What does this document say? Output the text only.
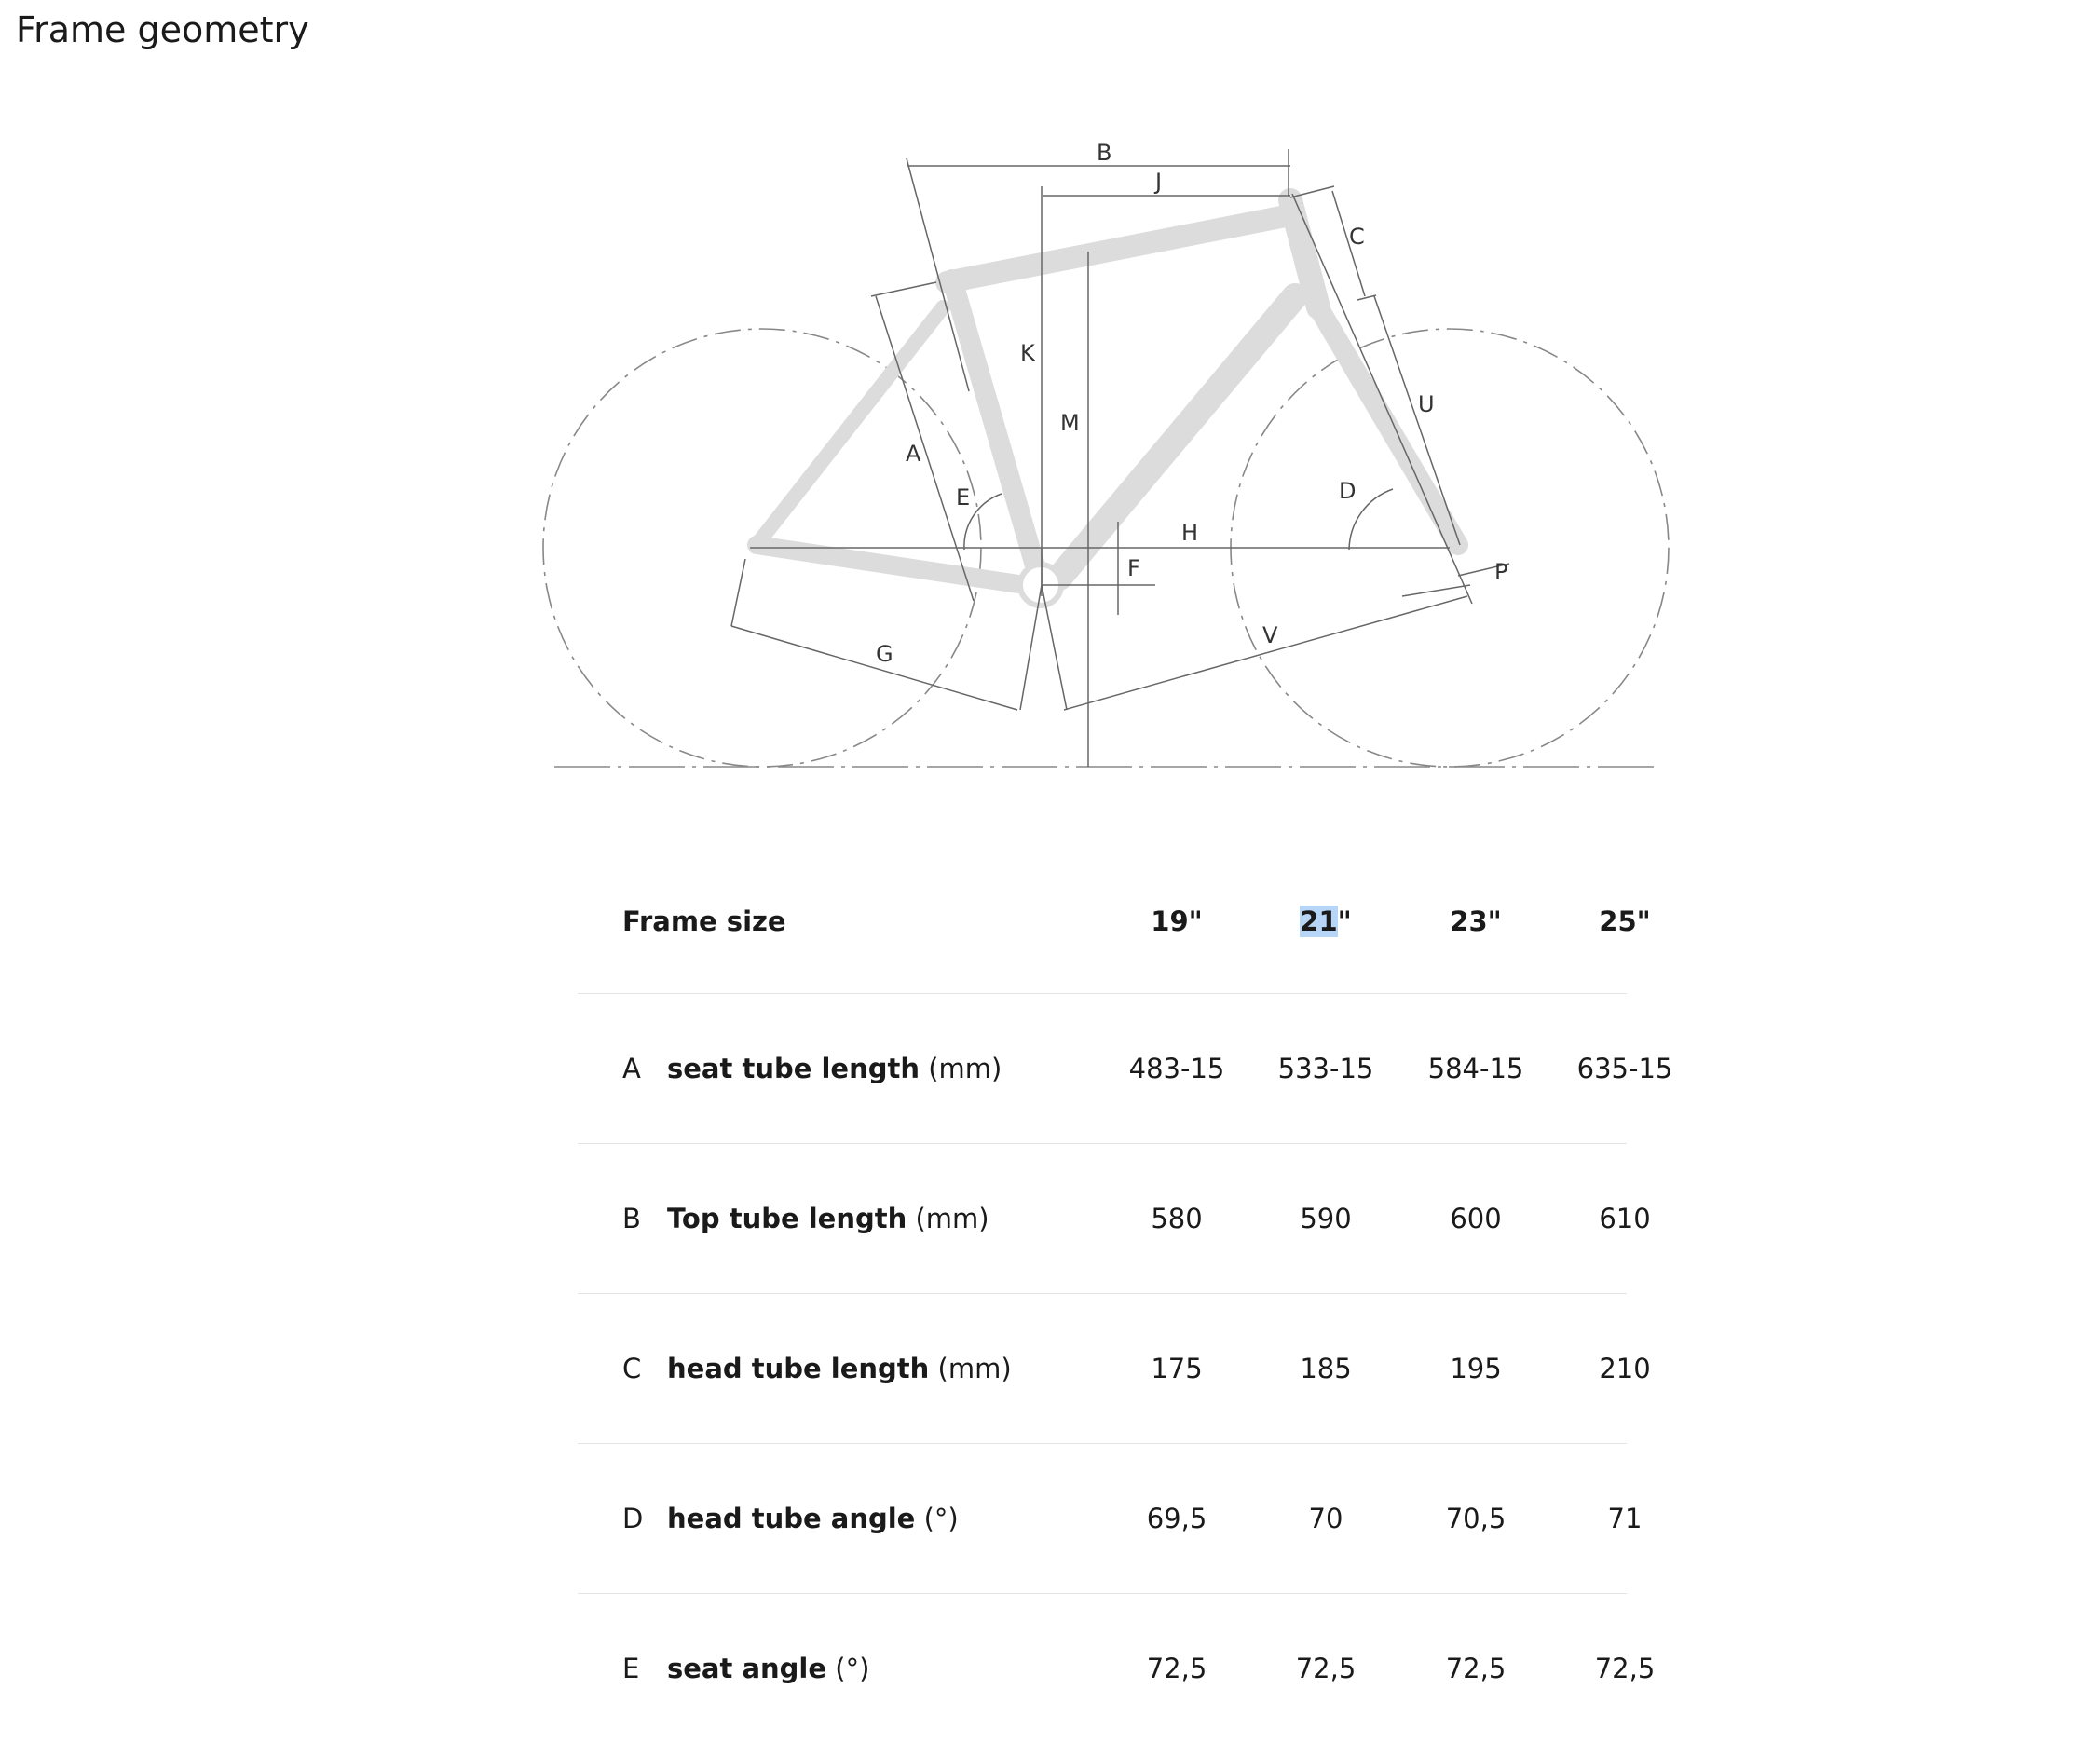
Frame geometry
B
J
C
K
M
U
A
E	D
H
F	P
V
G
Frame size	19"	21 "	23"	25"
A seat tube length (mm)	483-15	533-15	584-15	635-15
B Top tube length (mm)	580	590	600	610
C head tube length (mm)	175	185	195	210
D head tube angle (°)	69,5	70	70,5	71
E seat angle (°)	72,5	72,5	72,5	72,5
